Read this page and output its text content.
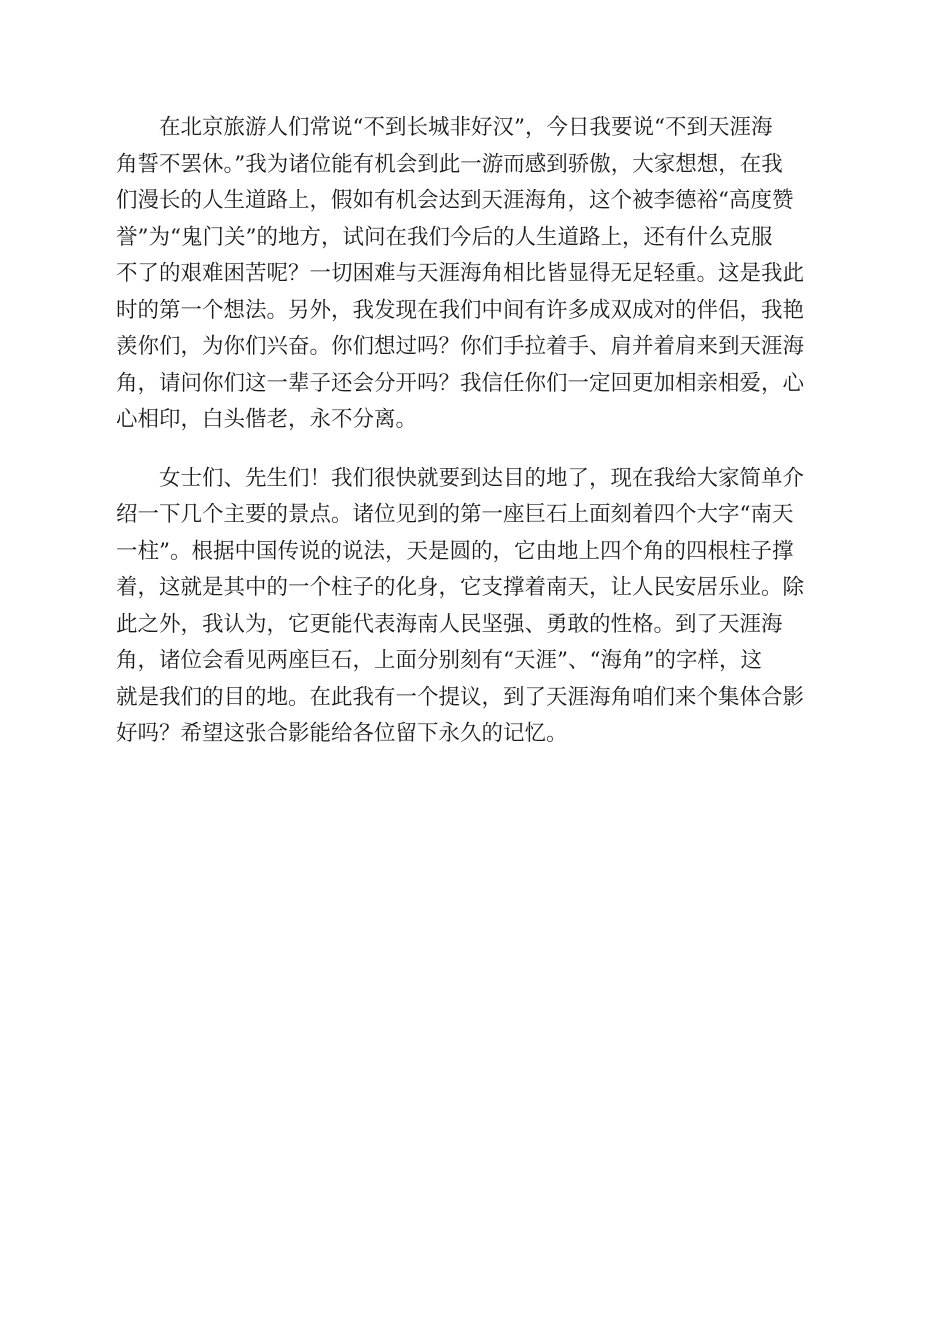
在北京旅游人们常说“不到长城非好汉”，今日我要说“不到天涯海
角誓不罢休。”我为诸位能有机会到此一游而感到骄傲，大家想想，在我
们漫长的人生道路上，假如有机会达到天涯海角，这个被李德裕“高度赞
誉”为“鬼门关”的地方，试问在我们今后的人生道路上，还有什么克服
不了的艰难困苦呢？一切困难与天涯海角相比皆显得无足轻重。这是我此
时的第一个想法。另外，我发现在我们中间有许多成双成对的伴侣，我艳
羡你们，为你们兴奋。你们想过吗？你们手拉着手、肩并着肩来到天涯海
角，请问你们这一辈子还会分开吗？我信任你们一定回更加相亲相爱，心
心相印，白头偕老，永不分离。

女士们、先生们！我们很快就要到达目的地了，现在我给大家简单介
绍一下几个主要的景点。诸位见到的第一座巨石上面刻着四个大字“南天
一柱”。根据中国传说的说法，天是圆的，它由地上四个角的四根柱子撑
着，这就是其中的一个柱子的化身，它支撑着南天，让人民安居乐业。除
此之外，我认为，它更能代表海南人民坚强、勇敢的性格。到了天涯海
角，诸位会看见两座巨石，上面分别刻有“天涯”、“海角”的字样，这
就是我们的目的地。在此我有一个提议，到了天涯海角咱们来个集体合影
好吗？希望这张合影能给各位留下永久的记忆。
